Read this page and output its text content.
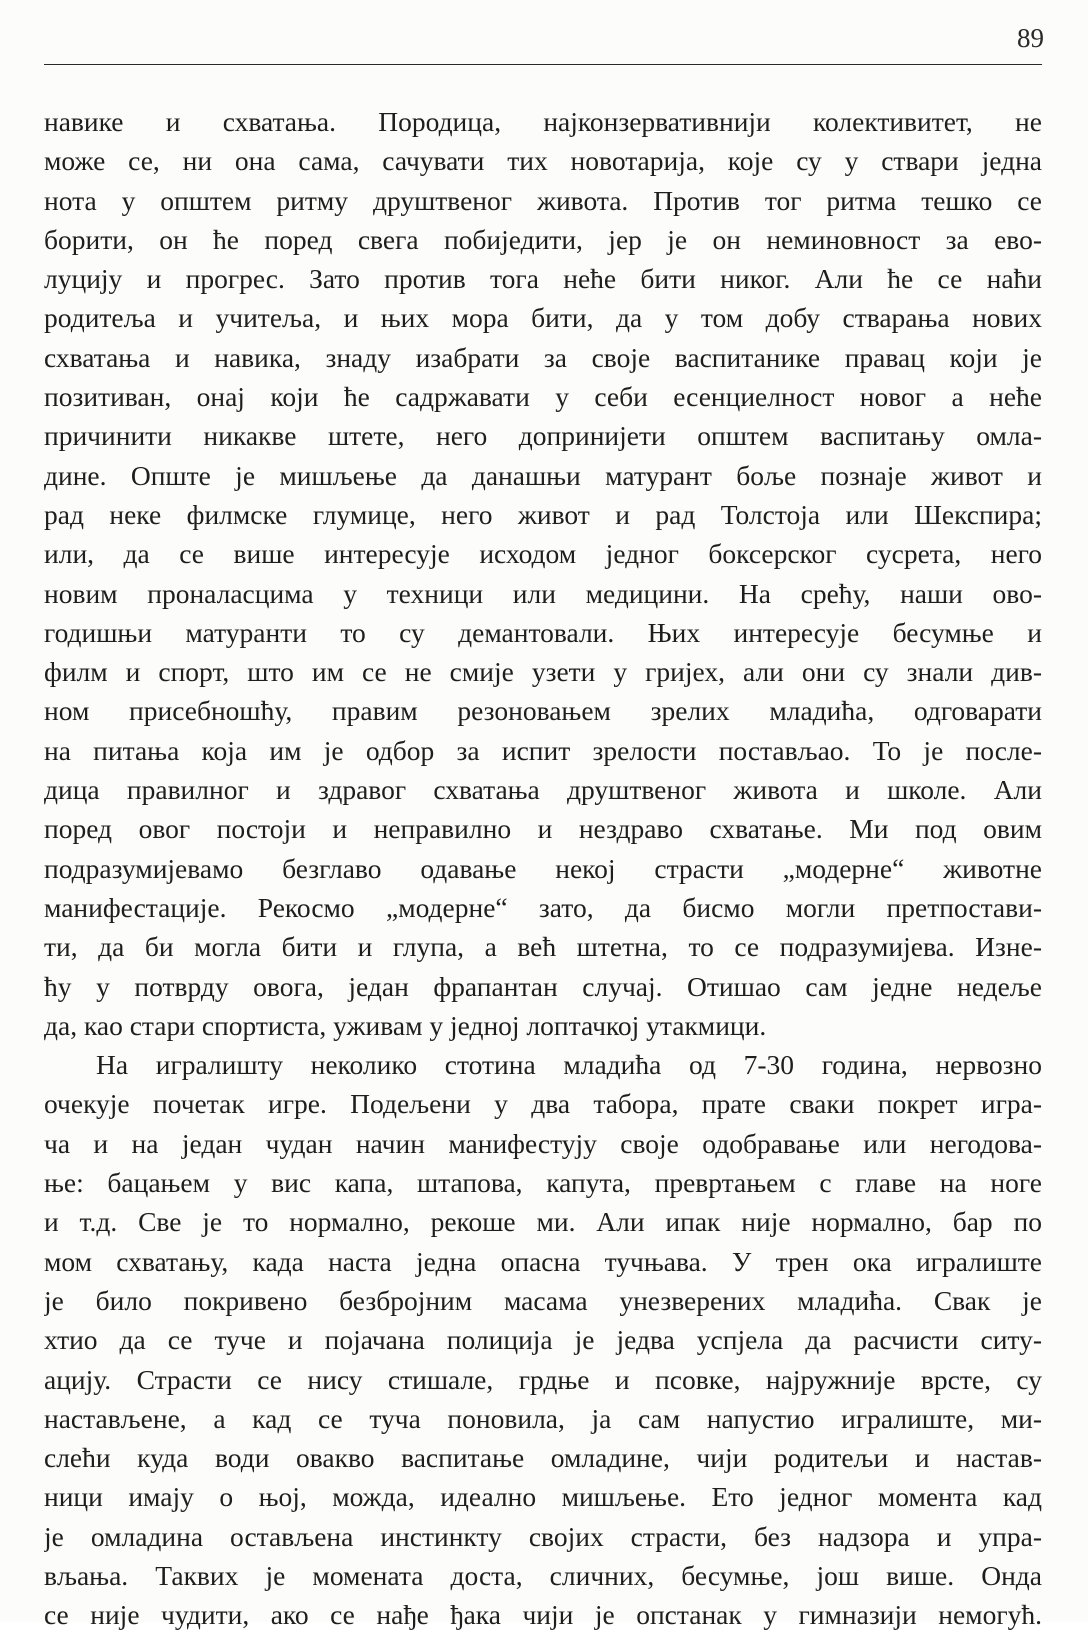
89
навике и схватања. Породица, најконзервативнији колективитет, не
може се, ни она сама, сачувати тих новотарија, које су у ствари једна
нота у општем ритму друштвеног живота. Против тог ритма тешко се
борити, он ће поред свега побиједити, јер је он неминовност за ево-
луцију и прогрес. Зато против тога неће бити никог. Али ће се наћи
родитеља и учитеља, и њих мора бити, да у том добу стварања нових
схватања и навика, знаду изабрати за своје васпитанике правац који је
позитиван, онај који ће садржавати у себи есенциелност новог а неће
причинити никакве штете, него допринијети општем васпитању омла-
дине. Опште је мишљење да данашњи матурант боље познаје живот и
рад неке филмске глумице, него живот и рад Толстоја или Шекспира;
или, да се више интересује исходом једног боксерског сусрета, него
новим проналасцима у техници или медицини. На срећу, наши ово-
годишњи матуранти то су демантовали. Њих интересује бесумње и
филм и спорт, што им се не смије узети у гријех, али они су знали див-
ном присебношћу, правим резоновањем зрелих младића, одговарати
на питања која им је одбор за испит зрелости постављао. То је после-
дица правилног и здравог схватања друштвеног живота и школе. Али
поред овог постоји и неправилно и нездраво схватање. Ми под овим
подразумијевамо безглаво одавање некој страсти „модерне“ животне
манифестације. Рекосмо „модерне“ зато, да бисмо могли претпостави-
ти, да би могла бити и глупа, а већ штетна, то се подразумијева. Изне-
ћу у потврду овога, један фрапантан случај. Отишао сам једне недеље
да, као стари спортиста, уживам у једној лоптачкој утакмици.
На игралишту неколико стотина младића од 7-30 година, нервозно
очекује почетак игре. Подељени у два табора, прате сваки покрет игра-
ча и на један чудан начин манифестују своје одобравање или негодова-
ње: бацањем у вис капа, штапова, капута, превртањем с главе на ноге
и т.д. Све је то нормално, рекоше ми. Али ипак није нормално, бар по
мом схватању, када наста једна опасна тучњава. У трен ока игралиште
је било покривено безбројним масама унезверених младића. Свак је
хтио да се туче и појачана полиција је једва успјела да расчисти ситу-
ацију. Страсти се нису стишале, грдње и псовке, најружније врсте, су
настављене, а кад се туча поновила, ја сам напустио игралиште, ми-
слећи куда води овакво васпитање омладине, чији родитељи и настав-
ници имају о њој, можда, идеално мишљење. Ето једног момента кад
је омладина остављена инстинкту својих страсти, без надзора и упра-
вљања. Таквих је момената доста, сличних, бесумње, још више. Онда
се није чудити, ако се нађе ђака чији је опстанак у гимназији немогућ.
